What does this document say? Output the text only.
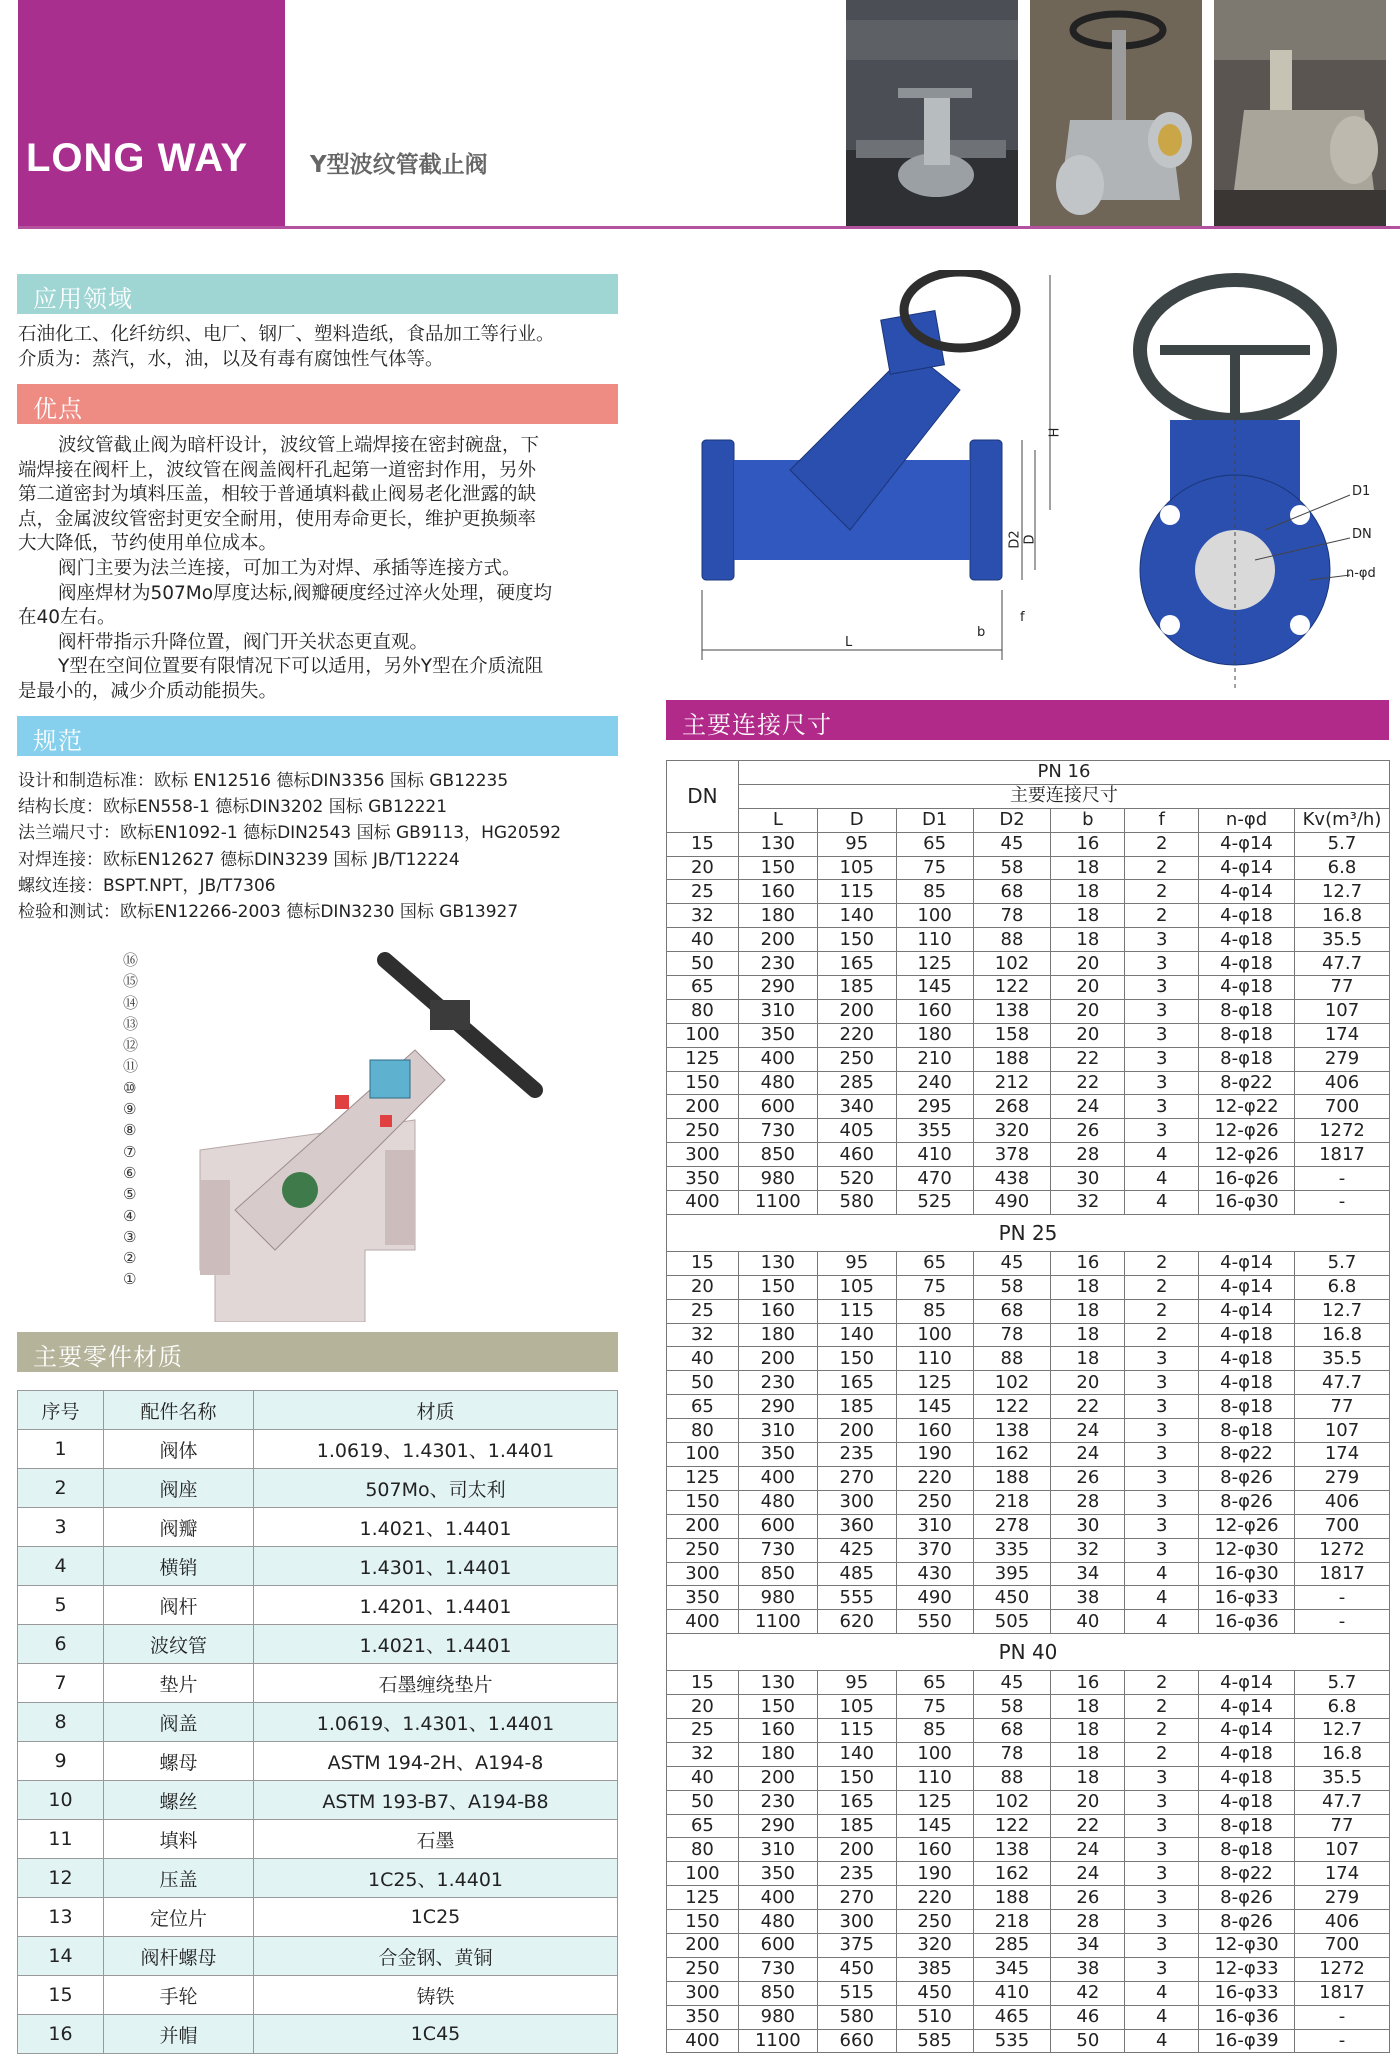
LONG WAY	Y型波纹管截止阀
应用领域
优点
规范
主要零件材质
主要连接尺寸
石油化工、化纤纺织、电厂、钢厂、塑料造纸，食品加工等行业。
介质为：蒸汽，水，油，以及有毒有腐蚀性气体等。
波纹管截止阀为暗杆设计，波纹管上端焊接在密封碗盘，下
端焊接在阀杆上，波纹管在阀盖阀杆孔起第一道密封作用，另外
第二道密封为填料压盖，相较于普通填料截止阀易老化泄露的缺
点，金属波纹管密封更安全耐用，使用寿命更长，维护更换频率
大大降低，节约使用单位成本。
阀门主要为法兰连接，可加工为对焊、承插等连接方式。
阀座焊材为507Mo厚度达标,阀瓣硬度经过淬火处理，硬度均
在40左右。
阀杆带指示升降位置，阀门开关状态更直观。
Y型在空间位置要有限情况下可以适用，另外Y型在介质流阻
是最小的，减少介质动能损失。
设计和制造标准：欧标 EN12516 德标DIN3356 国标 GB12235
结构长度：欧标EN558-1 德标DIN3202 国标 GB12221
法兰端尺寸：欧标EN1092-1 德标DIN2543 国标 GB9113，HG20592
对焊连接：欧标EN12627 德标DIN3239 国标 JB/T12224
螺纹连接：BSPT.NPT，JB/T7306
检验和测试：欧标EN12266-2003 德标DIN3230 国标 GB13927
⑯
⑮
⑭
⑬
⑫
⑪
⑩
⑨
⑧
⑦
⑥
⑤
④
③
②
①
H
D2 D
b
f
L
D1
DN
n-φd
序号	配件名称	材质
1	阀体	1.0619、1.4301、1.4401
2	阀座	507Mo、司太利
3	阀瓣	1.4021、1.4401
4	横销	1.4301、1.4401
5	阀杆	1.4201、1.4401
6	波纹管	1.4021、1.4401
7	垫片	石墨缠绕垫片
8	阀盖	1.0619、1.4301、1.4401
9	螺母	ASTM 194-2H、A194-8
10	螺丝	ASTM 193-B7、A194-B8
11	填料	石墨
12	压盖	1C25、1.4401
13	定位片	1C25
14	阀杆螺母	合金钢、黄铜
15	手轮	铸铁
16	并帽	1C45
DN	PN 16							
	主要连接尺寸							
	L	D	D1	D2	b	f	n-φd	Kv(m³/h)
15	130	95	65	45	16	2	4-φ14	5.7
20	150	105	75	58	18	2	4-φ14	6.8
25	160	115	85	68	18	2	4-φ14	12.7
32	180	140	100	78	18	2	4-φ18	16.8
40	200	150	110	88	18	3	4-φ18	35.5
50	230	165	125	102	20	3	4-φ18	47.7
65	290	185	145	122	20	3	4-φ18	77
80	310	200	160	138	20	3	8-φ18	107
100	350	220	180	158	20	3	8-φ18	174
125	400	250	210	188	22	3	8-φ18	279
150	480	285	240	212	22	3	8-φ22	406
200	600	340	295	268	24	3	12-φ22	700
250	730	405	355	320	26	3	12-φ26	1272
300	850	460	410	378	28	4	12-φ26	1817
350	980	520	470	438	30	4	16-φ26	-
400	1100	580	525	490	32	4	16-φ30	-
PN 25								
15	130	95	65	45	16	2	4-φ14	5.7
20	150	105	75	58	18	2	4-φ14	6.8
25	160	115	85	68	18	2	4-φ14	12.7
32	180	140	100	78	18	2	4-φ18	16.8
40	200	150	110	88	18	3	4-φ18	35.5
50	230	165	125	102	20	3	4-φ18	47.7
65	290	185	145	122	22	3	8-φ18	77
80	310	200	160	138	24	3	8-φ18	107
100	350	235	190	162	24	3	8-φ22	174
125	400	270	220	188	26	3	8-φ26	279
150	480	300	250	218	28	3	8-φ26	406
200	600	360	310	278	30	3	12-φ26	700
250	730	425	370	335	32	3	12-φ30	1272
300	850	485	430	395	34	4	16-φ30	1817
350	980	555	490	450	38	4	16-φ33	-
400	1100	620	550	505	40	4	16-φ36	-
PN 40								
15	130	95	65	45	16	2	4-φ14	5.7
20	150	105	75	58	18	2	4-φ14	6.8
25	160	115	85	68	18	2	4-φ14	12.7
32	180	140	100	78	18	2	4-φ18	16.8
40	200	150	110	88	18	3	4-φ18	35.5
50	230	165	125	102	20	3	4-φ18	47.7
65	290	185	145	122	22	3	8-φ18	77
80	310	200	160	138	24	3	8-φ18	107
100	350	235	190	162	24	3	8-φ22	174
125	400	270	220	188	26	3	8-φ26	279
150	480	300	250	218	28	3	8-φ26	406
200	600	375	320	285	34	3	12-φ30	700
250	730	450	385	345	38	3	12-φ33	1272
300	850	515	450	410	42	4	16-φ33	1817
350	980	580	510	465	46	4	16-φ36	-
400	1100	660	585	535	50	4	16-φ39	-
